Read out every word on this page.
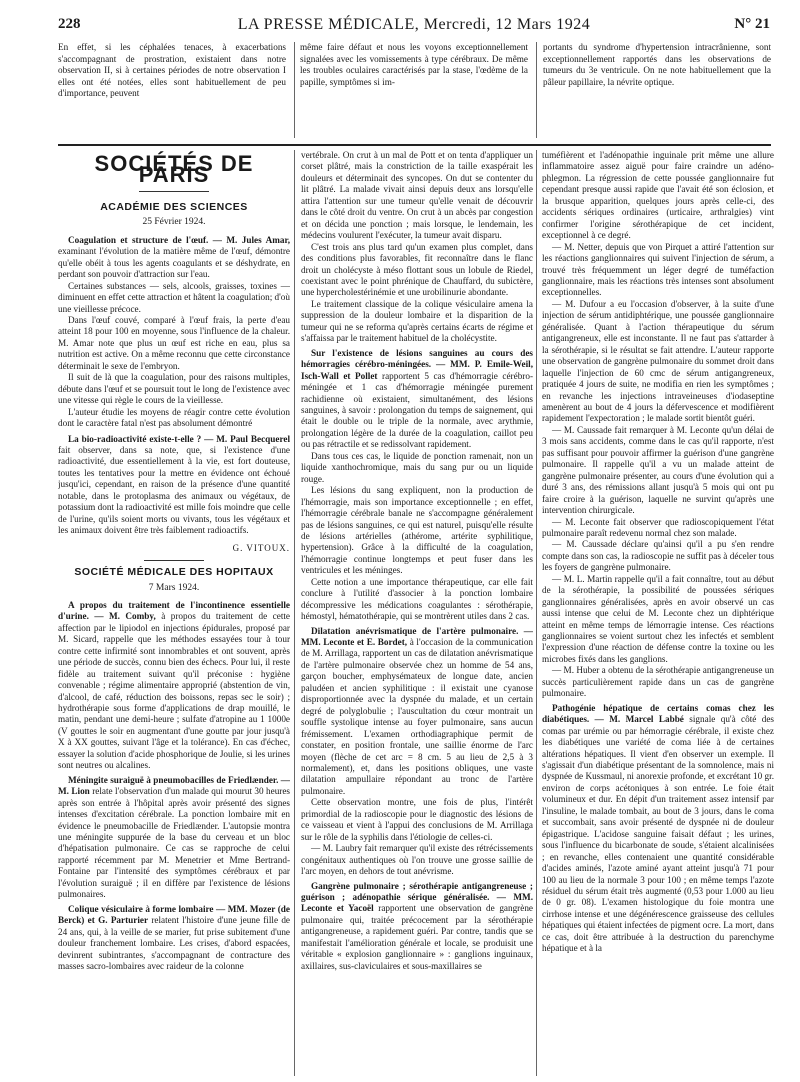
228	LA PRESSE MÉDICALE, Mercredi, 12 Mars 1924	N° 21
En effet, si les céphalées tenaces, à exacerbations s'accompagnant de prostration, existaient dans notre observation II, si à certaines périodes de notre observation I elles ont été notées, elles sont habituellement de peu d'importance, peuvent
même faire défaut et nous les voyons exceptionnellement signalées avec les vomissements à type cérébraux. De même les troubles oculaires caractérisés par la stase, l'œdème de la papille, symptômes si im-
portants du syndrome d'hypertension intracrânienne, sont exceptionnellement rapportés dans les observations de tumeurs du 3e ventricule. On ne note habituellement que la pâleur papillaire, la névrite optique.
SOCIÉTÉS DE PARIS
ACADÉMIE DES SCIENCES
25 Février 1924.

Coagulation et structure de l'œuf. — M. Jules Amar, examinant l'évolution de la matière même de l'œuf, démontre qu'elle obéit à tous les agents coagulants et se déshydrate, en perdant son pouvoir d'attraction sur l'eau.

Certaines substances — sels, alcools, graisses, toxines — diminuent en effet cette attraction et hâtent la coagulation; d'où une vieillesse précoce.

Dans l'œuf couvé, comparé à l'œuf frais, la perte d'eau atteint 18 pour 100 en moyenne, sous l'influence de la chaleur. M. Amar note que plus un œuf est riche en eau, plus sa nutrition est active. On a même reconnu que cette circonstance déterminait le sexe de l'embryon.

Il suit de là que la coagulation, pour des raisons multiples, débute dans l'œuf et se poursuit tout le long de l'existence avec une vitesse qui règle le cours de la vieillesse.

L'auteur étudie les moyens de réagir contre cette évolution dont le caractère fatal n'est pas absolument démontré

La bio-radioactivité existe-t-elle ? — M. Paul Becquerel fait observer, dans sa note, que, si l'existence d'une radioactivité, due essentiellement à la vie, est fort douteuse, toutes les tentatives pour la mettre en évidence ont échoué jusqu'ici, cependant, en raison de la présence d'une quantité notable, dans le protoplasma des animaux ou végétaux, de potassium dont la radioactivité est mille fois moindre que celle de l'urine, qu'ils soient morts ou vivants, tous les végétaux et les animaux doivent être très faiblement radioactifs.

G. VITOUX.
SOCIÉTÉ MÉDICALE DES HOPITAUX
7 Mars 1924.

A propos du traitement de l'incontinence essentielle d'urine. — M. Comby, à propos du traitement de cette affection par le lipiodol en injections épidurales, proposé par M. Sicard, rappelle que les méthodes essayées tour à tour contre cette infirmité sont innombrables et ont souvent, après une période de succès, connu bien des échecs. Pour lui, il reste fidèle au traitement suivant qu'il préconise : hygiène convenable ; régime alimentaire approprié (abstention de vin, d'alcool, de café, réduction des boissons, repas sec le soir) ; hydrothérapie sous forme d'applications de drap mouillé, le matin, pendant une demi-heure ; sulfate d'atropine au 1 1000e (V gouttes le soir en augmentant d'une goutte par jour jusqu'à X à XX gouttes, suivant l'âge et la tolérance). En cas d'échec, essayer la solution d'acide phosphorique de Joulie, si les urines sont neutres ou alcalines.

Méningite suraiguë à pneumobacilles de Friedlænder. — M. Lion relate l'observation d'un malade qui mourut 30 heures après son entrée à l'hôpital après avoir présenté des signes intenses d'excitation cérébrale. La ponction lombaire mit en évidence le pneumobacille de Friedlænder. L'autopsie montra une méningite suppurée de la base du cerveau et un bloc d'hépatisation pulmonaire. Ce cas se rapproche de celui rapporté récemment par M. Menetrier et Mme Bertrand-Fontaine par l'intensité des symptômes cérébraux et par l'évolution suraiguë ; il en diffère par l'existence de lésions pulmonaires.

Colique vésiculaire à forme lombaire — MM. Mozer (de Berck) et G. Parturier relatent l'histoire d'une jeune fille de 24 ans, qui, à la veille de se marier, fut prise subitement d'une douleur franchement lombaire. Les crises, d'abord espacées, devinrent subintrantes, s'accompagnant de contracture des masses sacro-lombaires avec raideur de la colonne

vertébrale. On crut à un mal de Pott et on tenta d'appliquer un corset plâtré, mais la constriction de la taille exaspérait les douleurs et déterminait des syncopes. On dut se contenter du lit plâtré. La malade vivait ainsi depuis deux ans lorsqu'elle attira l'attention sur une tumeur qu'elle venait de découvrir dans le côté droit du ventre. On crut à un abcès par congestion et on décida une ponction ; mais lorsque, le lendemain, les médecins voulurent l'exécuter, la tumeur avait disparu.

C'est trois ans plus tard qu'un examen plus complet, dans des conditions plus favorables, fit reconnaître dans le flanc droit un cholécyste à méso flottant sous un lobule de Riedel, coexistant avec le point phrénique de Chauffard, du subictère, une hypercholestérinémie et une urobilinurie abondante.

Le traitement classique de la colique vésiculaire amena la suppression de la douleur lombaire et la disparition de la tumeur qui ne se reforma qu'après certains écarts de régime et s'affaissa par le traitement habituel de la cholécystite.

Sur l'existence de lésions sanguines au cours des hémorragies cérébro-méningées. — MM. P. Emile-Weil, Isch-Wall et Pollet rapportent 5 cas d'hémorragie cérébro-méningée et 1 cas d'hémorragie méningée purement rachidienne où existaient, simultanément, des lésions sanguines, à savoir : prolongation du temps de saignement, qui était le double ou le triple de la normale, avec arythmie, prolongation légère de la durée de la coagulation, caillot peu ou pas rétractile et se redissolvant rapidement.

Dans tous ces cas, le liquide de ponction ramenait, non un liquide xanthochromique, mais du sang pur ou un liquide rouge.

Les lésions du sang expliquent, non la production de l'hémorragie, mais son importance exceptionnelle ; en effet, l'hémorragie cérébrale banale ne s'accompagne généralement pas de lésions sanguines, ce qui est naturel, puisqu'elle résulte de lésions artérielles (athérome, artérite syphilitique, hypertension). Grâce à la difficulté de la coagulation, l'hémorragie continue longtemps et peut fuser dans les ventricules et les méninges.

Cette notion a une importance thérapeutique, car elle fait conclure à l'utilité d'associer à la ponction lombaire décompressive les médications coagulantes : sérothérapie, hémostyl, hématothérapie, qui se montrèrent utiles dans 2 cas.

Dilatation anévrismatique de l'artère pulmonaire. — MM. Leconte et E. Bordet, à l'occasion de la communication de M. Arrillaga, rapportent un cas de dilatation anévrismatique de l'artère pulmonaire observée chez un homme de 54 ans, garçon boucher, emphysémateux de longue date, ancien paludéen et ancien syphilitique : il existait une cyanose disproportionnée avec la dyspnée du malade, et un certain degré de polyglobulie ; l'auscultation du cœur montrait un souffle systolique intense au foyer pulmonaire, sans aucun frémissement. L'examen orthodiagraphique permit de constater, en position frontale, une saillie énorme de l'arc moyen (flèche de cet arc = 8 cm. 5 au lieu de 2,5 à 3 normalement), et, dans les positions obliques, une vaste dilatation ampullaire répondant au tronc de l'artère pulmonaire.

Cette observation montre, une fois de plus, l'intérêt primordial de la radioscopie pour le diagnostic des lésions de ce vaisseau et vient à l'appui des conclusions de M. Arrillaga sur le rôle de la syphilis dans l'étiologie de celles-ci.

— M. Laubry fait remarquer qu'il existe des rétrécissements congénitaux authentiques où l'on trouve une grosse saillie de l'arc moyen, en dehors de tout anévrisme.

Gangrène pulmonaire ; sérothérapie antigangreneuse ; guérison ; adénopathie sérique généralisée. — MM. Leconte et Yacoël rapportent une observation de gangrène pulmonaire qui, traitée précocement par la sérothérapie antigangreneuse, a rapidement guéri. Par contre, tandis que se manifestait l'amélioration générale et locale, se produisit une véritable « explosion ganglionnaire » : ganglions inguinaux, axillaires, sus-claviculaires et sous-maxillaires se

tuméfièrent et l'adénopathie inguinale prit même une allure inflammatoire assez aiguë pour faire craindre un adéno-phlegmon. La régression de cette poussée ganglionnaire fut cependant presque aussi rapide que l'avait été son éclosion, et la brusque apparition, quelques jours après celle-ci, des accidents sériques ordinaires (urticaire, arthralgies) vint confirmer l'origine sérothérapique de cet incident, exceptionnel à ce degré.

— M. Netter, depuis que von Pirquet a attiré l'attention sur les réactions ganglionnaires qui suivent l'injection de sérum, a trouvé très fréquemment un léger degré de tuméfaction ganglionnaire, mais les réactions très intenses sont absolument exceptionnelles.

— M. Dufour a eu l'occasion d'observer, à la suite d'une injection de sérum antidiphtérique, une poussée ganglionnaire généralisée. Quant à l'action thérapeutique du sérum antigangreneux, elle est inconstante. Il ne faut pas s'attarder à la sérothérapie, si le résultat se fait attendre. L'auteur rapporte une observation de gangrène pulmonaire du sommet droit dans laquelle l'injection de 60 cmc de sérum antigangreneux, pratiquée 4 jours de suite, ne modifia en rien les symptômes ; en revanche les injections intraveineuses d'iodaseptine amenèrent au bout de 4 jours la défervescence et modifièrent rapidement l'expectoration ; le malade sortit bientôt guéri.

— M. Caussade fait remarquer à M. Leconte qu'un délai de 3 mois sans accidents, comme dans le cas qu'il rapporte, n'est pas suffisant pour pouvoir affirmer la guérison d'une gangrène pulmonaire. Il rappelle qu'il a vu un malade atteint de gangrène pulmonaire présenter, au cours d'une évolution qui a duré 3 ans, des rémissions allant jusqu'à 5 mois qui ont pu faire croire à la guérison, laquelle ne survint qu'après une intervention chirurgicale.

— M. Leconte fait observer que radioscopiquement l'état pulmonaire paraît redevenu normal chez son malade.

— M. Caussade déclare qu'ainsi qu'il a pu s'en rendre compte dans son cas, la radioscopie ne suffit pas à déceler tous les foyers de gangrène pulmonaire.

— M. L. Martin rappelle qu'il a fait connaître, tout au début de la sérothérapie, la possibilité de poussées sériques ganglionnaires généralisées, après en avoir observé un cas aussi intense que celui de M. Leconte chez un diphtérique atteint en même temps de lémorragie intense. Ces réactions ganglionnaires se voient surtout chez les infectés et semblent l'expression d'une réaction de défense contre la toxine ou les microbes fixés dans les ganglions.

— M. Huber a obtenu de la sérothérapie antigangreneuse un succès particulièrement rapide dans un cas de gangrène pulmonaire.

Pathogénie hépatique de certains comas chez les diabétiques. — M. Marcel Labbé signale qu'à côté des comas par urémie ou par hémorragie cérébrale, il existe chez les diabétiques une variété de coma liée à de certaines altérations hépatiques. Il vient d'en observer un exemple. Il s'agissait d'un diabétique présentant de la somnolence, mais ni dyspnée de Kussmaul, ni anorexie profonde, et excrétant 10 gr. environ de corps acétoniques à son entrée. Le foie était volumineux et dur. En dépit d'un traitement assez intensif par l'insuline, le malade tombait, au bout de 3 jours, dans le coma et succombait, sans avoir présenté de dyspnée ni de douleur épigastrique. L'acidose sanguine faisait défaut ; les urines, sous l'influence du bicarbonate de soude, s'étaient alcalinisées ; en revanche, elles contenaient une quantité considérable d'acides aminés, l'azote aminé ayant atteint jusqu'à 71 pour 100 au lieu de la normale 3 pour 100 ; en même temps l'azote résiduel du sérum était très augmenté (0,53 pour 1.000 au lieu de 0 gr. 08). L'examen histologique du foie montra une cirrhose intense et une dégénérescence graisseuse des cellules hépatiques qui étaient infectées de pigment ocre. La mort, dans ce cas, doit être attribuée à la destruction du parenchyme hépatique et à la
